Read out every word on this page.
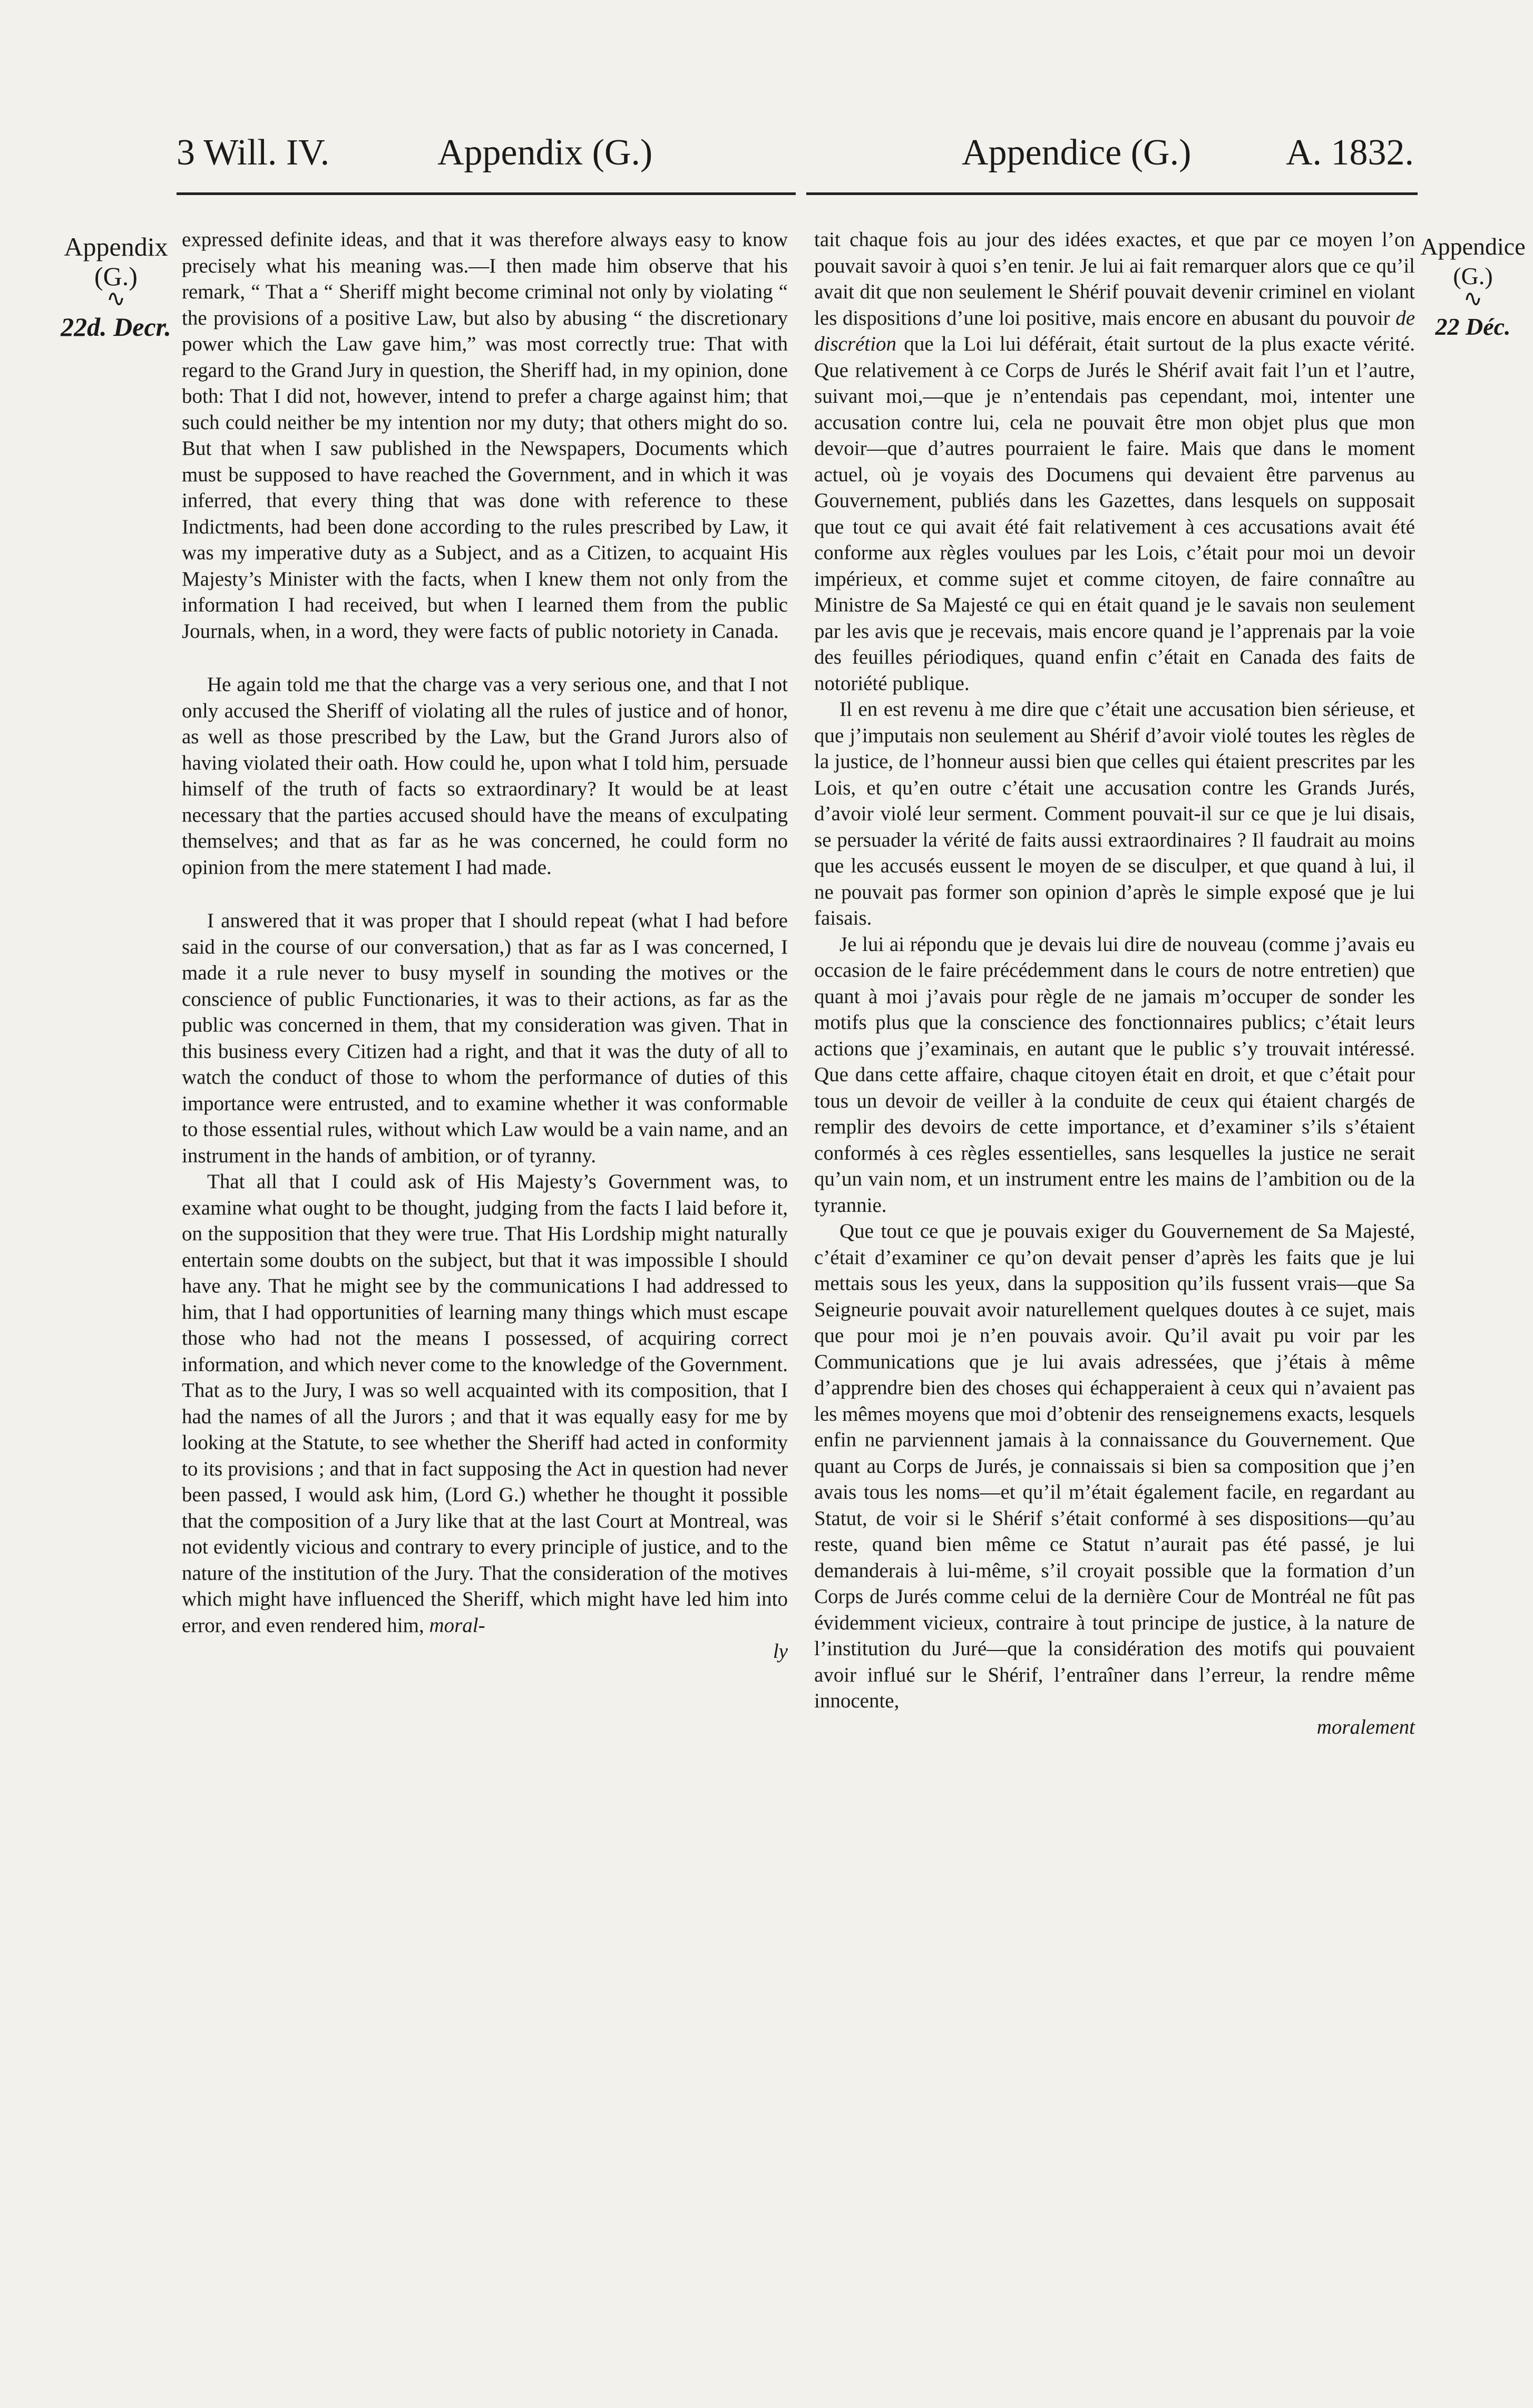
3 Will. IV.	Appendix (G.)	Appendice (G.)	A. 1832.
Appendix
(G.)
∿
22d. Decr.
Appendice
(G.)
∿
22 Déc.

expressed definite ideas, and that it was therefore always easy to know precisely what his meaning was.—I then made him observe that his remark, “ That a “ Sheriff might become criminal not only by violating “ the provisions of a positive Law, but also by abusing “ the discretionary power which the Law gave him,” was most correctly true: That with regard to the Grand Jury in question, the Sheriff had, in my opinion, done both: That I did not, however, intend to prefer a charge against him; that such could neither be my intention nor my duty; that others might do so. But that when I saw published in the Newspapers, Documents which must be supposed to have reached the Government, and in which it was inferred, that every thing that was done with reference to these Indictments, had been done according to the rules prescribed by Law, it was my imperative duty as a Subject, and as a Citizen, to acquaint His Majesty’s Minister with the facts, when I knew them not only from the information I had received, but when I learned them from the public Journals, when, in a word, they were facts of public notoriety in Canada.

He again told me that the charge vas a very serious one, and that I not only accused the Sheriff of violating all the rules of justice and of honor, as well as those prescribed by the Law, but the Grand Jurors also of having violated their oath. How could he, upon what I told him, persuade himself of the truth of facts so extraordinary? It would be at least necessary that the parties accused should have the means of exculpating themselves; and that as far as he was concerned, he could form no opinion from the mere statement I had made.

I answered that it was proper that I should repeat (what I had before said in the course of our conversation,) that as far as I was concerned, I made it a rule never to busy myself in sounding the motives or the conscience of public Functionaries, it was to their actions, as far as the public was concerned in them, that my consideration was given. That in this business every Citizen had a right, and that it was the duty of all to watch the conduct of those to whom the performance of duties of this importance were entrusted, and to examine whether it was conformable to those essential rules, without which Law would be a vain name, and an instrument in the hands of ambition, or of tyranny.

That all that I could ask of His Majesty’s Government was, to examine what ought to be thought, judging from the facts I laid before it, on the supposition that they were true. That His Lordship might naturally entertain some doubts on the subject, but that it was impossible I should have any. That he might see by the communications I had addressed to him, that I had opportunities of learning many things which must escape those who had not the means I possessed, of acquiring correct information, and which never come to the knowledge of the Government. That as to the Jury, I was so well acquainted with its composition, that I had the names of all the Jurors ; and that it was equally easy for me by looking at the Statute, to see whether the Sheriff had acted in conformity to its provisions ; and that in fact supposing the Act in question had never been passed, I would ask him, (Lord G.) whether he thought it possible that the composition of a Jury like that at the last Court at Montreal, was not evidently vicious and contrary to every principle of justice, and to the nature of the institution of the Jury. That the consideration of the motives which might have influenced the Sheriff, which might have led him into error, and even rendered him, moral-

ly

tait chaque fois au jour des idées exactes, et que par ce moyen l’on pouvait savoir à quoi s’en tenir. Je lui ai fait remarquer alors que ce qu’il avait dit que non seulement le Shérif pouvait devenir criminel en violant les dispositions d’une loi positive, mais encore en abusant du pouvoir de discrétion que la Loi lui déférait, était surtout de la plus exacte vérité. Que relativement à ce Corps de Jurés le Shérif avait fait l’un et l’autre, suivant moi,—que je n’entendais pas cependant, moi, intenter une accusation contre lui, cela ne pouvait être mon objet plus que mon devoir—que d’autres pourraient le faire. Mais que dans le moment actuel, où je voyais des Documens qui devaient être parvenus au Gouvernement, publiés dans les Gazettes, dans lesquels on supposait que tout ce qui avait été fait relativement à ces accusations avait été conforme aux règles voulues par les Lois, c’était pour moi un devoir impérieux, et comme sujet et comme citoyen, de faire connaître au Ministre de Sa Majesté ce qui en était quand je le savais non seulement par les avis que je recevais, mais encore quand je l’apprenais par la voie des feuilles périodiques, quand enfin c’était en Canada des faits de notoriété publique.

Il en est revenu à me dire que c’était une accusation bien sérieuse, et que j’imputais non seulement au Shérif d’avoir violé toutes les règles de la justice, de l’honneur aussi bien que celles qui étaient prescrites par les Lois, et qu’en outre c’était une accusation contre les Grands Jurés, d’avoir violé leur serment. Comment pouvait-il sur ce que je lui disais, se persuader la vérité de faits aussi extraordinaires ? Il faudrait au moins que les accusés eussent le moyen de se disculper, et que quand à lui, il ne pouvait pas former son opinion d’après le simple exposé que je lui faisais.

Je lui ai répondu que je devais lui dire de nouveau (comme j’avais eu occasion de le faire précédemment dans le cours de notre entretien) que quant à moi j’avais pour règle de ne jamais m’occuper de sonder les motifs plus que la conscience des fonctionnaires publics; c’était leurs actions que j’examinais, en autant que le public s’y trouvait intéressé. Que dans cette affaire, chaque citoyen était en droit, et que c’était pour tous un devoir de veiller à la conduite de ceux qui étaient chargés de remplir des devoirs de cette importance, et d’examiner s’ils s’étaient conformés à ces règles essentielles, sans lesquelles la justice ne serait qu’un vain nom, et un instrument entre les mains de l’ambition ou de la tyrannie.

Que tout ce que je pouvais exiger du Gouvernement de Sa Majesté, c’était d’examiner ce qu’on devait penser d’après les faits que je lui mettais sous les yeux, dans la supposition qu’ils fussent vrais—que Sa Seigneurie pouvait avoir naturellement quelques doutes à ce sujet, mais que pour moi je n’en pouvais avoir. Qu’il avait pu voir par les Communications que je lui avais adressées, que j’étais à même d’apprendre bien des choses qui échapperaient à ceux qui n’avaient pas les mêmes moyens que moi d’obtenir des renseignemens exacts, lesquels enfin ne parviennent jamais à la connaissance du Gouvernement. Que quant au Corps de Jurés, je connaissais si bien sa composition que j’en avais tous les noms—et qu’il m’était également facile, en regardant au Statut, de voir si le Shérif s’était conformé à ses dispositions—qu’au reste, quand bien même ce Statut n’aurait pas été passé, je lui demanderais à lui-même, s’il croyait possible que la formation d’un Corps de Jurés comme celui de la dernière Cour de Montréal ne fût pas évidemment vicieux, contraire à tout principe de justice, à la nature de l’institution du Juré—que la considération des motifs qui pouvaient avoir influé sur le Shérif, l’entraîner dans l’erreur, la rendre même innocente,

moralement
